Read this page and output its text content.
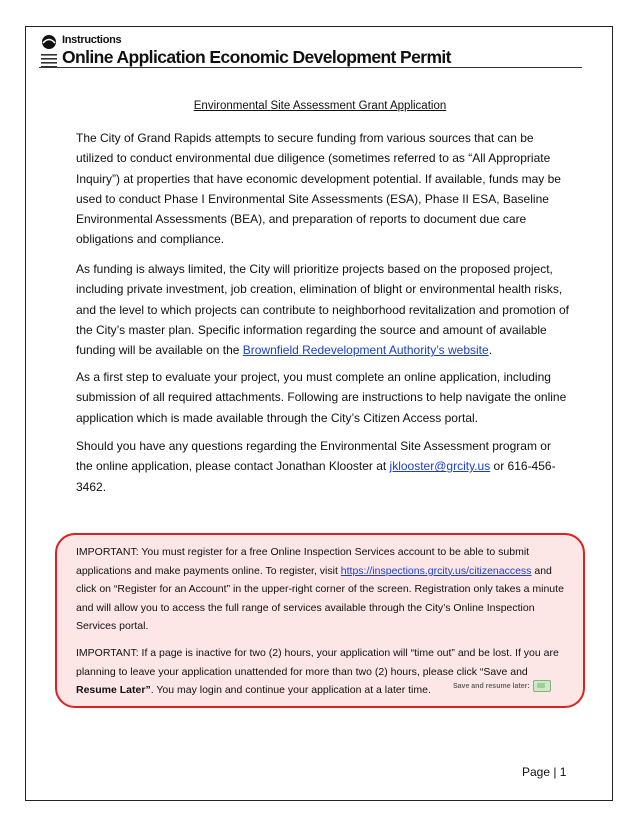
Instructions
Online Application Economic Development Permit
Environmental Site Assessment Grant Application

The City of Grand Rapids attempts to secure funding from various sources that can be utilized to conduct environmental due diligence (sometimes referred to as “All Appropriate Inquiry”) at properties that have economic development potential. If available, funds may be used to conduct Phase I Environmental Site Assessments (ESA), Phase II ESA, Baseline Environmental Assessments (BEA), and preparation of reports to document due care obligations and compliance.

As funding is always limited, the City will prioritize projects based on the proposed project, including private investment, job creation, elimination of blight or environmental health risks, and the level to which projects can contribute to neighborhood revitalization and promotion of the City’s master plan. Specific information regarding the source and amount of available funding will be available on the Brownfield Redevelopment Authority’s website.

As a first step to evaluate your project, you must complete an online application, including submission of all required attachments. Following are instructions to help navigate the online application which is made available through the City’s Citizen Access portal.

Should you have any questions regarding the Environmental Site Assessment program or the online application, please contact Jonathan Klooster at jklooster@grcity.us or 616-456-3462.

IMPORTANT: You must register for a free Online Inspection Services account to be able to submit applications and make payments online. To register, visit https://inspections.grcity.us/citizenaccess and click on “Register for an Account” in the upper-right corner of the screen. Registration only takes a minute and will allow you to access the full range of services available through the City’s Online Inspection Services portal.

IMPORTANT: If a page is inactive for two (2) hours, your application will “time out” and be lost. If you are planning to leave your application unattended for more than two (2) hours, please click “Save and Resume Later”. You may login and continue your application at a later time.	Save and resume later:
Page | 1
